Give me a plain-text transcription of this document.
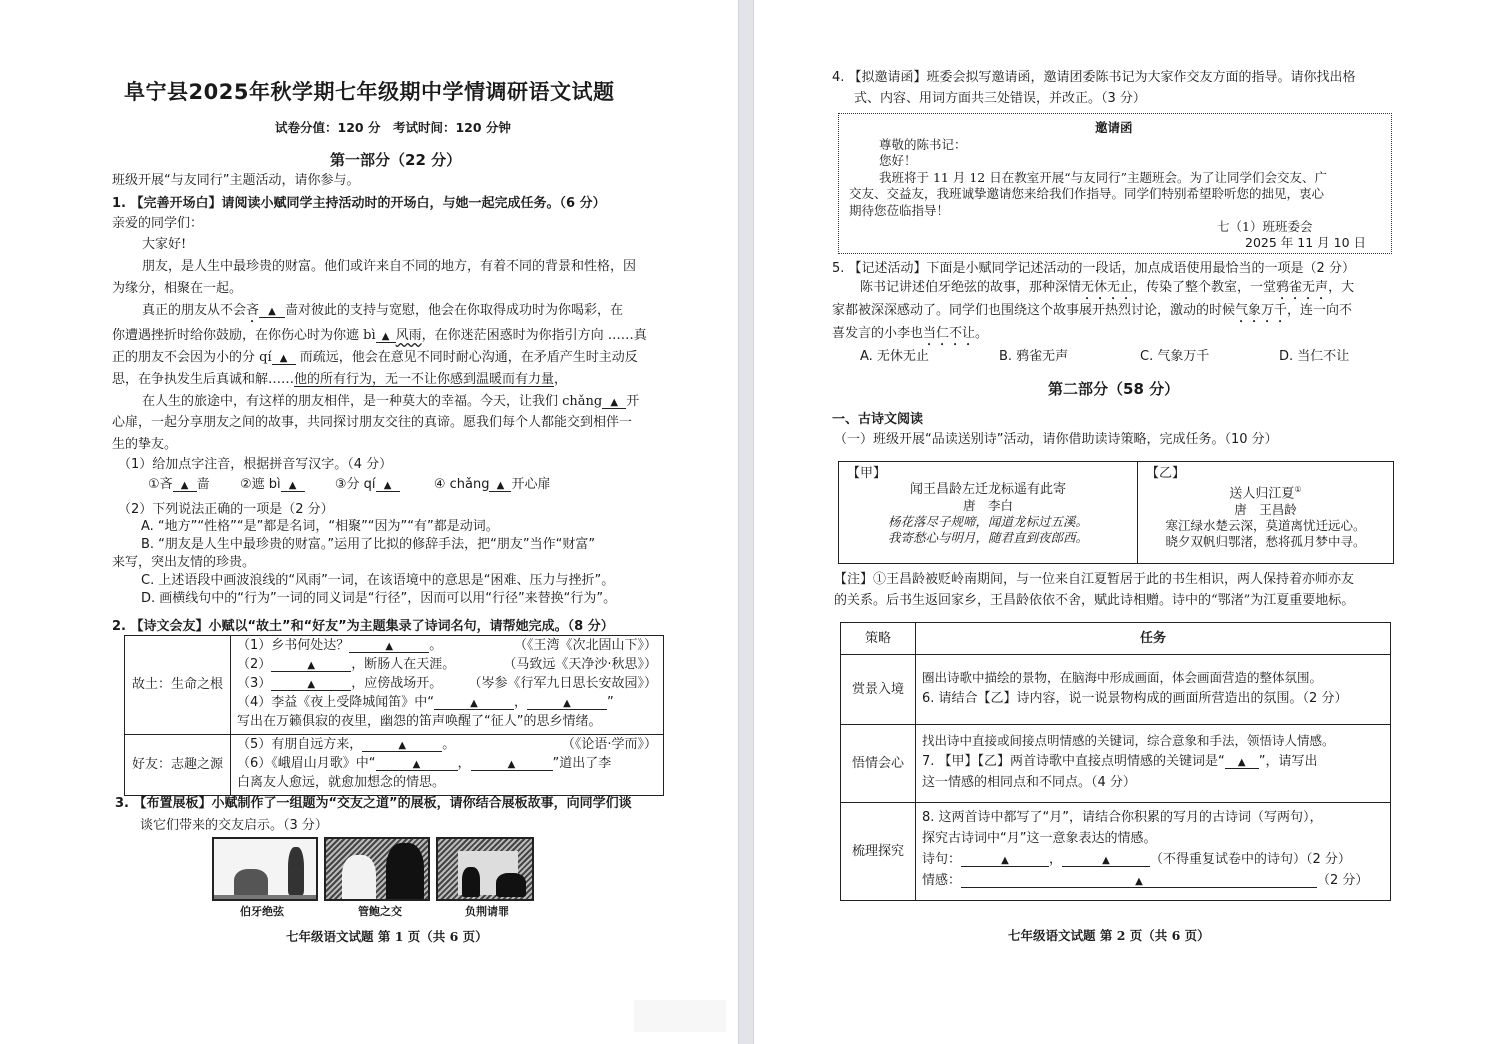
阜宁县2025年秋学期七年级期中学情调研语文试题
试卷分值：120 分　考试时间：120 分钟
第一部分（22 分）
班级开展“与友同行”主题活动，请你参与。
1. 【完善开场白】请阅读小赋同学主持活动时的开场白，与她一起完成任务。（6 分）
亲爱的同学们：
大家好!
朋友，是人生中最珍贵的财富。他们或许来自不同的地方，有着不同的背景和性格，因
为缘分，相聚在一起。
真正的朋友从不会吝 ▲ 啬对彼此的支持与宽慰，他会在你取得成功时为你喝彩，在
你遭遇挫折时给你鼓励，在你伤心时为你遮 bì ▲ 风雨，在你迷茫困惑时为你指引方向 ……真
正的朋友不会因为小的分 qí ▲ 而疏远，他会在意见不同时耐心沟通，在矛盾产生时主动反
思，在争执发生后真诚和解……他的所有行为，无一不让你感到温暖而有力量，
在人生的旅途中，有这样的朋友相伴，是一种莫大的幸福。今天，让我们 chǎng ▲ 开
心扉，一起分享朋友之间的故事，共同探讨朋友交往的真谛。愿我们每个人都能交到相伴一
生的挚友。
（1）给加点字注音，根据拼音写汉字。（4 分）
①吝 ▲ 啬 ②遮 bì ▲	③分 qí ▲	④ chǎng ▲ 开心扉
（2）下列说法正确的一项是（2 分）
A. “地方”“性格”“是”都是名词，“相聚”“因为”“有”都是动词。
B. “朋友是人生中最珍贵的财富。”运用了比拟的修辞手法，把“朋友”当作“财富”
来写，突出友情的珍贵。
C. 上述语段中画波浪线的“风雨”一词，在该语境中的意思是“困难、压力与挫折”。
D. 画横线句中的“行为”一词的同义词是“行径”，因而可以用“行径”来替换“行为”。
2. 【诗文会友】小赋以“故土”和“好友”为主题集录了诗词名句，请帮她完成。（8 分）
故土：生命之根	
（1）乡书何处达？	▲	。	（《王湾《次北固山下》）
（2）	▲	，断肠人在天涯。	（马致远《天净沙·秋思》）
（3）	▲	，应傍战场开。 （岑参《行军九日思长安故园》）
（4）李益《夜上受降城闻笛》中“	▲	，	▲	”
写出在万籁俱寂的夜里，幽怨的笛声唤醒了“征人”的思乡情绪。

好友：志趣之源	（5）有朋自远方来， ▲ 。 （《论语·学而》）
（6）《峨眉山月歌》中“ ▲ ， ▲ ”道出了李
白离友人愈远，就愈加想念的情思。
3. 【布置展板】小赋制作了一组题为“交友之道”的展板，请你结合展板故事，向同学们谈
谈它们带来的交友启示。（3 分）
伯牙绝弦	管鲍之交	负荆请罪
七年级语文试题 第 1 页（共 6 页）
4. 【拟邀请函】班委会拟写邀请函，邀请团委陈书记为大家作交友方面的指导。请你找出格
式、内容、用词方面共三处错误，并改正。（3 分）
邀请函
尊敬的陈书记：
您好！
我班将于 11 月 12 日在教室开展“与友同行”主题班会。为了让同学们会交友、广
交友、交益友，我班诚挚邀请您来给我们作指导。同学们特别希望聆听您的拙见，衷心
期待您莅临指导！
七（1）班班委会
2025 年 11 月 10 日
5. 【记述活动】下面是小赋同学记述活动的一段话，加点成语使用最恰当的一项是（2 分）
陈书记讲述伯牙绝弦的故事，那种深情无休无止，传染了整个教室，一堂鸦雀无声，大
家都被深深感动了。同学们也围绕这个故事展开热烈讨论，激动的时候气象万千，连一向不
喜发言的小李也当仁不让。
A. 无休无止	B. 鸦雀无声	C. 气象万千	D. 当仁不让
第二部分（58 分）
一、古诗文阅读
（一）班级开展“品读送别诗”活动，请你借助读诗策略，完成任务。（10 分）
【甲】
闻王昌龄左迁龙标遥有此寄
唐　李白
杨花落尽子规啼，闻道龙标过五溪。
我寄愁心与明月，随君直到夜郎西。

【乙】
送人归江夏①
唐　王昌龄
寒江绿水楚云深，莫道离忧迁远心。
晓夕双帆归鄂渚，愁将孤月梦中寻。
【注】①王昌龄被贬岭南期间，与一位来自江夏暂居于此的书生相识，两人保持着亦师亦友
的关系。后书生返回家乡，王昌龄依依不舍，赋此诗相赠。诗中的“鄂渚”为江夏重要地标。
策略	任务
赏景入境	圈出诗歌中描绘的景物，在脑海中形成画面，体会画面营造的整体氛围。
6. 请结合【乙】诗内容，说一说景物构成的画面所营造出的氛围。（2 分）

悟情会心	找出诗中直接或间接点明情感的关键词，综合意象和手法，领悟诗人情感。
7. 【甲】【乙】两首诗歌中直接点明情感的关键词是“ ▲ ”，请写出
这一情感的相同点和不同点。（4 分）

梳理探究	8. 这两首诗中都写了“月”，请结合你积累的写月的古诗词（写两句），
探究古诗词中“月”这一意象表达的情感。
诗句： ▲ ， ▲ （不得重复试卷中的诗句）（2 分）
情感： ▲ （2 分）
七年级语文试题 第 2 页（共 6 页）
